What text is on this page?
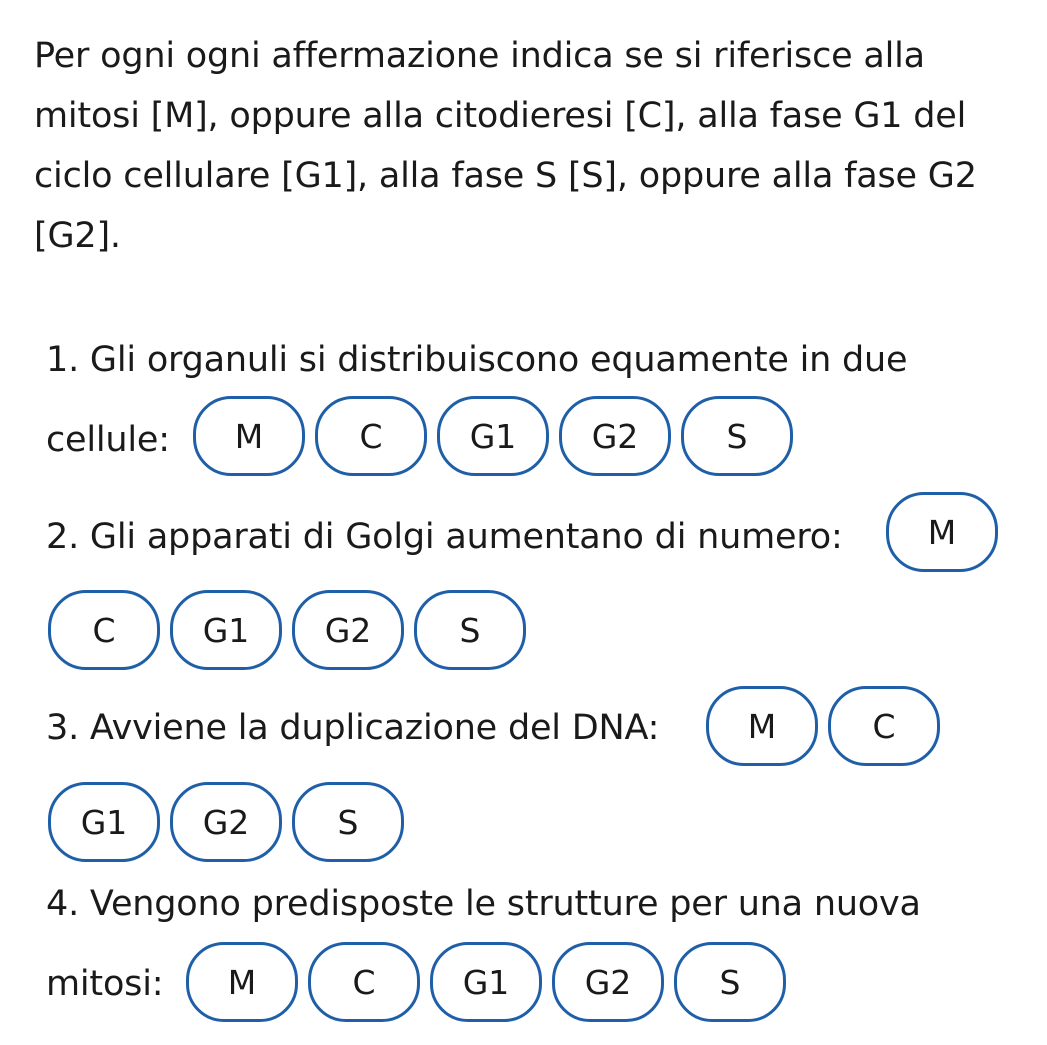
Per ogni ogni affermazione indica se si riferisce alla
mitosi [M], oppure alla citodieresi [C], alla fase G1 del
ciclo cellulare [G1], alla fase S [S], oppure alla fase G2
[G2].
1. Gli organuli si distribuiscono equamente in due
cellule:	M	C	G1	G2	S
2. Gli apparati di Golgi aumentano di numero:	M
C	G1	G2	S
3. Avviene la duplicazione del DNA:	M	C
G1	G2	S
4. Vengono predisposte le strutture per una nuova
mitosi:	M	C	G1	G2	S
